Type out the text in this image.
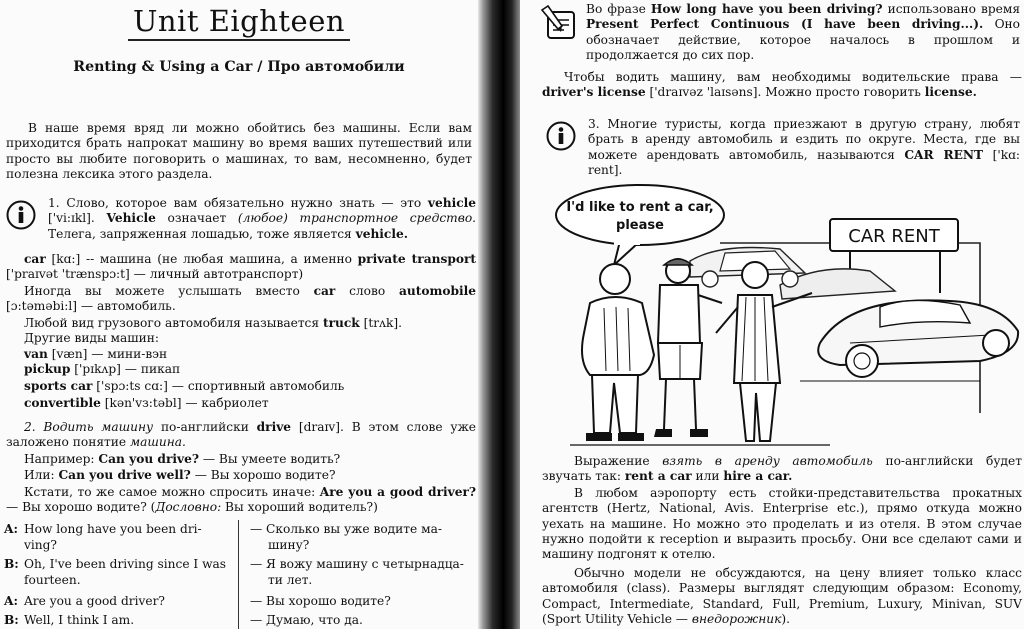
Unit Eighteen
Renting & Using a Car / Про автомобили
В наше время вряд ли можно обойтись без машины. Если вам приходится брать напрокат машину во время ваших путешествий или просто вы любите поговорить о машинах, то вам, несомненно, будет полезна лексика этого раздела.
1. Слово, которое вам обязательно нужно знать — это vehicle ['vi:ɪkl]. Vehicle означает (любое) транспортное средство. Телега, запряженная лошадью, тоже является vehicle.
car [kɑ:] -- машина (не любая машина, а именно private transport ['praɪvət 'trænspɔ:t] — личный автотранспорт)
Иногда вы можете услышать вместо car слово automobile [ɔ:təməbi:l] — автомобиль.
Любой вид грузового автомобиля называется truck [trʌk].
Другие виды машин:
van [væn] — мини-вэн
pickup ['pɪkʌp] — пикап
sports car ['spɔ:ts cɑ:] — спортивный автомобиль
convertible [kən'vз:təbl] — кабриолет
2. Водить машину по-английски drive [draɪv]. В этом слове уже заложено понятие машина.
Например: Can you drive? — Вы умеете водить?
Или: Can you drive well? — Вы хорошо водите?
Кстати, то же самое можно спросить иначе: Are you a good driver? — Вы хорошо водите? (Дословно: Вы хороший водитель?)
A: How long have you been dri-
ving?
— Сколько вы уже водите ма-
шину?
B: Oh, I've been driving since I was
fourteen.
— Я вожу машину с четырнадца-
ти лет.
A: Are you a good driver?	— Вы хорошо водите?
B: Well, I think I am.	— Думаю, что да.
Во фразе How long have you been driving? использовано время Present Perfect Continuous (I have been driving...). Оно обозначает действие, которое началось в прошлом и продолжается до сих пор.
Чтобы водить машину, вам необходимы водительские права — driver's license ['draɪvəz 'laɪsəns]. Можно просто говорить license.
3. Многие туристы, когда приезжают в другую страну, любят брать в аренду автомобиль и ездить по округе. Места, где вы можете арендовать автомобиль, называются CAR RENT ['kɑ: rent].
I'd like to rent a car,
please
CAR RENT
Выражение взять в аренду автомобиль по-английски будет звучать так: rent a car или hire a car.
В любом аэропорту есть стойки-представительства прокатных агентств (Hertz, National, Avis. Enterprise etc.), прямо откуда можно уехать на машине. Но можно это проделать и из отеля. В этом случае нужно подойти к reception и выразить просьбу. Они все сделают сами и машину подгонят к отелю.
Обычно модели не обсуждаются, на цену влияет только класс автомобиля (class). Размеры выглядят следующим образом: Economy, Compact, Intermediate, Standard, Full, Premium, Luxury, Minivan, SUV (Sport Utility Vehicle — внедорожник).
